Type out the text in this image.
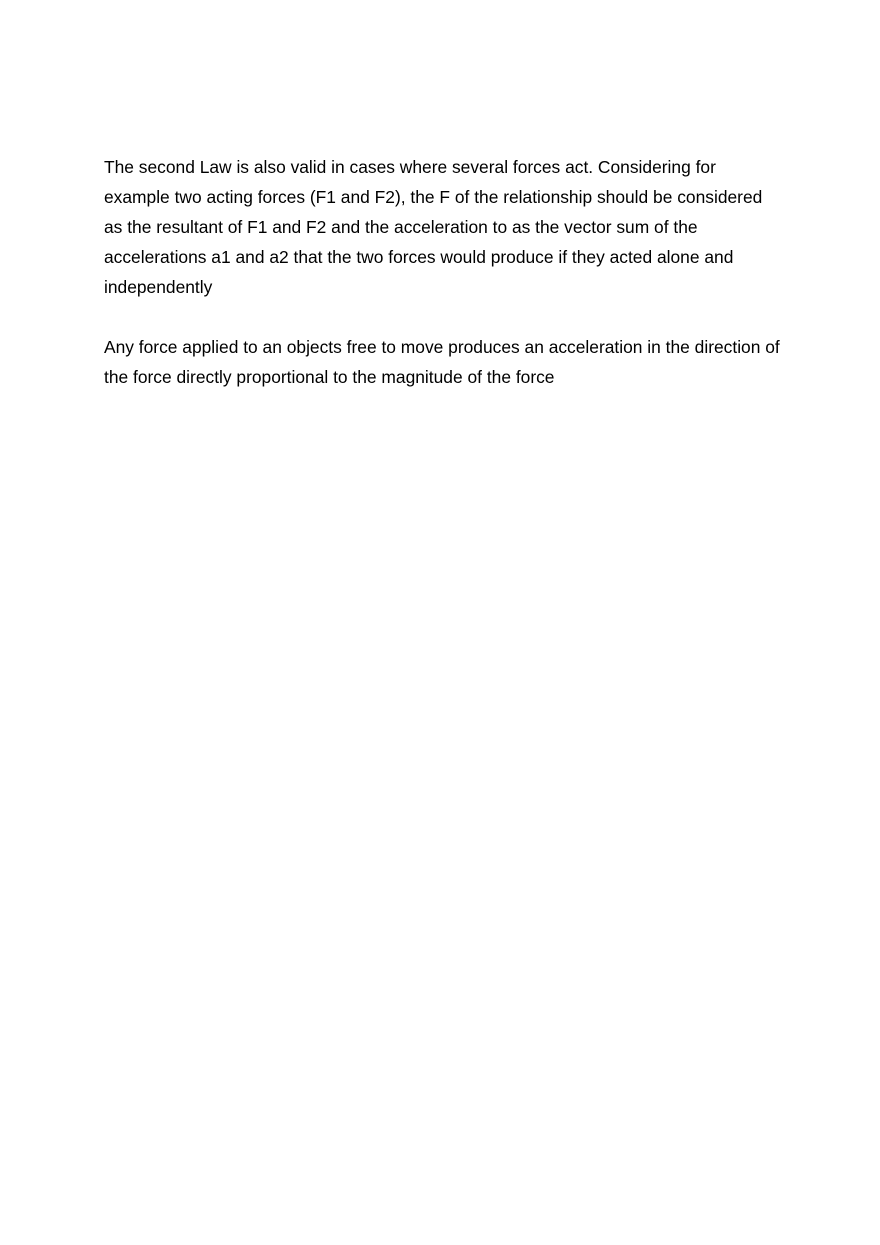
The second Law is also valid in cases where several forces act. Considering for
example two acting forces (F1 and F2), the F of the relationship should be considered
as the resultant of F1 and F2 and the acceleration to as the vector sum of the
accelerations a1 and a2 that the two forces would produce if they acted alone and
independently

Any force applied to an objects free to move produces an acceleration in the direction of
the force directly proportional to the magnitude of the force
